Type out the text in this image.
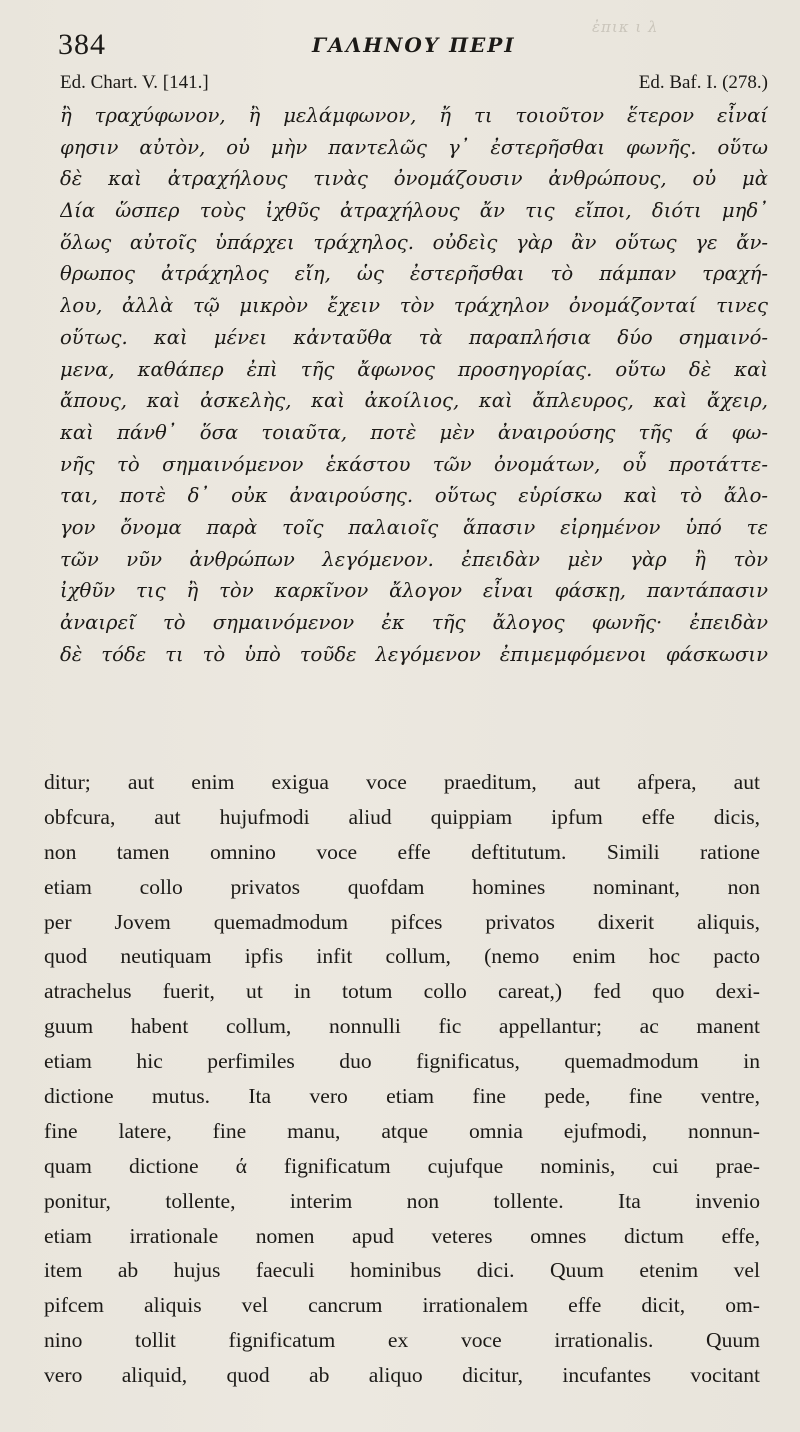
ἐπικ ι λ
384	ΓΑΛΗΝΟΥ ΠΕΡΙ
Ed. Chart. V. [141.]	Ed. Baf. I. (278.)
ἢ τραχύφωνον, ἢ μελάμφωνον, ἤ τι τοιοῦτον ἕτερον εἶναί
φησιν αὐτὸν, οὐ μὴν παντελῶς γ᾽ ἐστερῆσθαι φωνῆς. οὕτω
δὲ καὶ ἀτραχήλους τινὰς ὀνομάζουσιν ἀνθρώπους, οὐ μὰ
Δία ὥσπερ τοὺς ἰχθῦς ἀτραχήλους ἄν τις εἴποι, διότι μηδ᾽
ὅλως αὐτοῖς ὑπάρχει τράχηλος. οὐδεὶς γὰρ ἂν οὕτως γε ἄν-
θρωπος ἀτράχηλος εἴη, ὡς ἐστερῆσθαι τὸ πάμπαν τραχή-
λου, ἀλλὰ τῷ μικρὸν ἔχειν τὸν τράχηλον ὀνομάζονταί τινες
οὕτως. καὶ μένει κἀνταῦθα τὰ παραπλήσια δύο σημαινό-
μενα, καθάπερ ἐπὶ τῆς ἄφωνος προσηγορίας. οὕτω δὲ καὶ
ἄπους, καὶ ἀσκελὴς, καὶ ἀκοίλιος, καὶ ἄπλευρος, καὶ ἄχειρ,
καὶ πάνθ᾽ ὅσα τοιαῦτα, ποτὲ μὲν ἀναιρούσης τῆς ά φω-
νῆς τὸ σημαινόμενον ἑκάστου τῶν ὀνομάτων, οὗ προτάττε-
ται, ποτὲ δ᾽ οὐκ ἀναιρούσης. οὕτως εὑρίσκω καὶ τὸ ἄλο-
γον ὄνομα παρὰ τοῖς παλαιοῖς ἅπασιν εἰρημένον ὑπό τε
τῶν νῦν ἀνθρώπων λεγόμενον. ἐπειδὰν μὲν γὰρ ἢ τὸν
ἰχθῦν τις ἢ τὸν καρκῖνον ἄλογον εἶναι φάσκῃ, παντάπασιν
ἀναιρεῖ τὸ σημαινόμενον ἐκ τῆς ἄλογος φωνῆς· ἐπειδὰν
δὲ τόδε τι τὸ ὑπὸ τοῦδε λεγόμενον ἐπιμεμφόμενοι φάσκωσιν
ditur; aut enim exigua voce praeditum, aut afpera, aut
obfcura, aut hujufmodi aliud quippiam ipfum effe dicis,
non tamen omnino voce effe deftitutum. Simili ratione
etiam collo privatos quofdam homines nominant, non
per Jovem quemadmodum pifces privatos dixerit aliquis,
quod neutiquam ipfis infit collum, (nemo enim hoc pacto
atrachelus fuerit, ut in totum collo careat,) fed quo dexi-
guum habent collum, nonnulli fic appellantur; ac manent
etiam hic perfimiles duo fignificatus, quemadmodum in
dictione mutus. Ita vero etiam fine pede, fine ventre,
fine latere, fine manu, atque omnia ejufmodi, nonnun-
quam dictione ά fignificatum cujufque nominis, cui prae-
ponitur, tollente, interim non tollente. Ita invenio
etiam irrationale nomen apud veteres omnes dictum effe,
item ab hujus faeculi hominibus dici. Quum etenim vel
pifcem aliquis vel cancrum irrationalem effe dicit, om-
nino tollit fignificatum ex voce irrationalis. Quum
vero aliquid, quod ab aliquo dicitur, incufantes vocitant
